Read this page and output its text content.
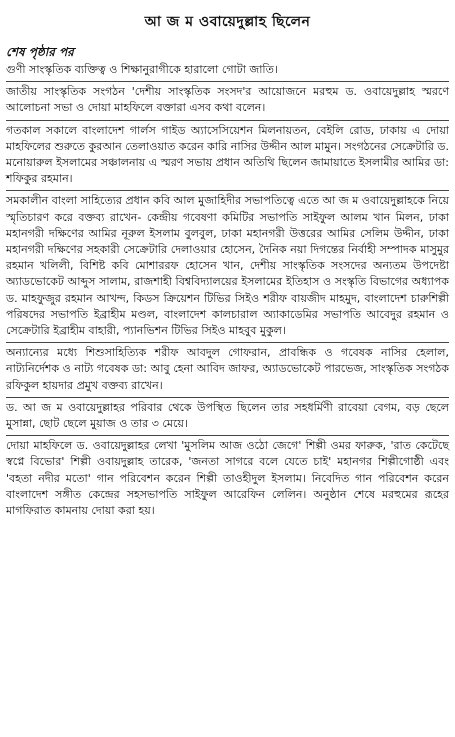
আ জ ম ওবায়েদুল্লাহ ছিলেন
শেষ পৃষ্ঠার পর

গুণী সাংস্কৃতিক ব্যক্তিত্ব ও শিক্ষানুরাগীকে হারালো গোটা জাতি।

জাতীয় সাংস্কৃতিক সংগঠন 'দেশীয় সাংস্কৃতিক সংসদ'র আয়োজনে মরহুম ড. ওবায়েদুল্লাহ স্মরণে আলোচনা সভা ও দোয়া মাহফিলে বক্তারা এসব কথা বলেন।

গতকাল সকালে বাংলাদেশ গার্লস গাইড অ্যাসেসিয়েশন মিলনায়তন, বেইলি রোড, ঢাকায় এ দোয়া মাহফিলের শুরুতে কুরআন তেলাওয়াত করেন কারি নাসির উদ্দীন আল মামুন। সংগঠনের সেক্রেটারি ড. মনোয়ারুল ইসলামের সঞ্চালনায় এ স্মরণ সভায় প্রধান অতিথি ছিলেন জামায়াতে ইসলামীর আমির ডা: শফিকুর রহমান।

সমকালীন বাংলা সাহিত্যের প্রধান কবি আল মুজাহিদীর সভাপতিত্বে এতে আ জ ম ওবায়েদুল্লাহকে নিয়ে স্মৃতিচারণ করে বক্তব্য রাখেন- কেন্দ্রীয় গবেষণা কমিটির সভাপতি সাইফুল আলম খান মিলন, ঢাকা মহানগরী দক্ষিণের আমির নূরুল ইসলাম বুলবুল, ঢাকা মহানগরী উত্তরের আমির সেলিম উদ্দীন, ঢাকা মহানগরী দক্ষিণের সহকারী সেক্রেটারি দেলাওয়ার হোসেন, দৈনিক নয়া দিগন্তের নির্বাহী সম্পাদক মাসুমুর রহমান খলিলী, বিশিষ্ট কবি মোশাররফ হোসেন খান, দেশীয় সাংস্কৃতিক সংসদের অন্যতম উপদেষ্টা অ্যাডভোকেট আব্দুস সালাম, রাজশাহী বিশ্ববিদ্যালয়ের ইসলামের ইতিহাস ও সংস্কৃতি বিভাগের অধ্যাপক ড. মাহফুজুর রহমান আখন্দ, কিডস ক্রিয়েশন টিভির সিইও শরীফ বায়জীদ মাহমুদ, বাংলাদেশ চারুশিল্পী পরিষদের সভাপতি ইব্রাহীম মণ্ডল, বাংলাদেশ কালচারাল অ্যাকাডেমির সভাপতি আবেদুর রহমান ও সেক্রেটারি ইব্রাহীম বাহারী, প্যানভিশন টিভির সিইও মাহবুব মুকুল।

অন্যান্যের মধ্যে শিশুসাহিত্যিক শরীফ আবদুল গোফরান, প্রাবন্ধিক ও গবেষক নাসির হেলাল, নাট্যনির্দেশক ও নাট্য গবেষক ডা: আবু হেনা আবিদ জাফর, অ্যাডভোকেট পারভেজ, সাংস্কৃতিক সংগঠক রফিকুল হায়দার প্রমুখ বক্তব্য রাখেন।

ড. আ জ ম ওবায়েদুল্লাহর পরিবার থেকে উপস্থিত ছিলেন তার সহধর্মিণী রাবেয়া বেগম, বড় ছেলে মুসান্না, ছোট ছেলে মুয়াজ ও তার ৩ মেয়ে।

দোয়া মাহফিলে ড. ওবায়েদুল্লাহর লেখা 'মুসলিম আজ ওঠো জেগে' শিল্পী ওমর ফারুক, 'রাত কেটেছে স্বপ্নে বিভোর' শিল্পী ওবায়দুল্লাহ তারেক, 'জনতা সাগরে বলে যেতে চাই' মহানগর শিল্পীগোষ্ঠী এবং 'বহতা নদীর মতো' গান পরিবেশন করেন শিল্পী তাওহীদুল ইসলাম। নিবেদিত গান পরিবেশন করেন বাংলাদেশ সঙ্গীত কেন্দ্রের সহসভাপতি সাইফুল আরেফিন লেলিন। অনুষ্ঠান শেষে মরহুমের রূহের মাগফিরাত কামনায় দোয়া করা হয়।
